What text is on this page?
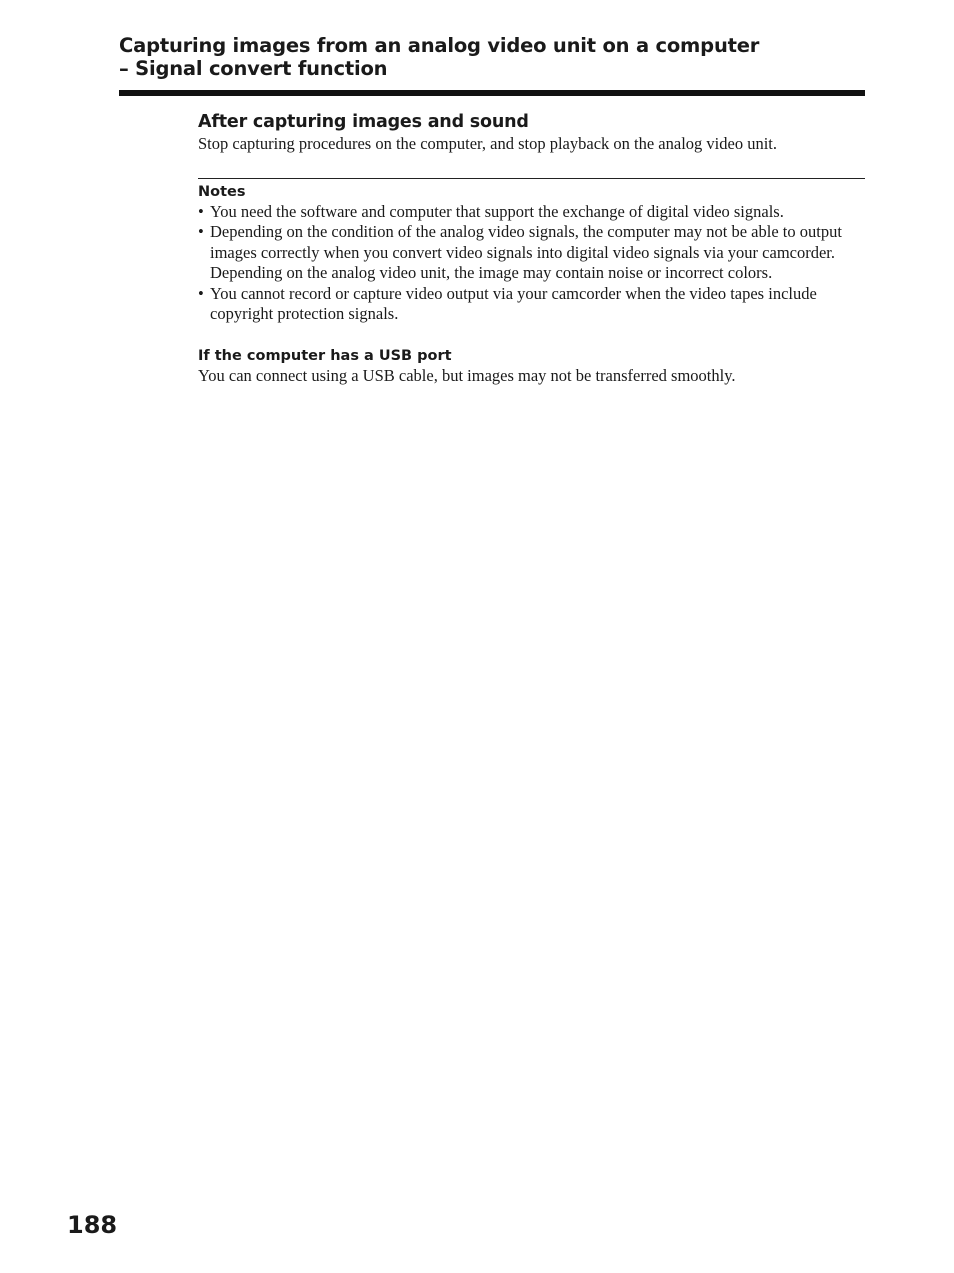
Capturing images from an analog video unit on a computer
– Signal convert function
After capturing images and sound

Stop capturing procedures on the computer, and stop playback on the analog video unit.

Notes
• You need the software and computer that support the exchange of digital video signals.
• Depending on the condition of the analog video signals, the computer may not be able to output images correctly when you convert video signals into digital video signals via your camcorder. Depending on the analog video unit, the image may contain noise or incorrect colors.
• You cannot record or capture video output via your camcorder when the video tapes include copyright protection signals.
If the computer has a USB port

You can connect using a USB cable, but images may not be transferred smoothly.

188
